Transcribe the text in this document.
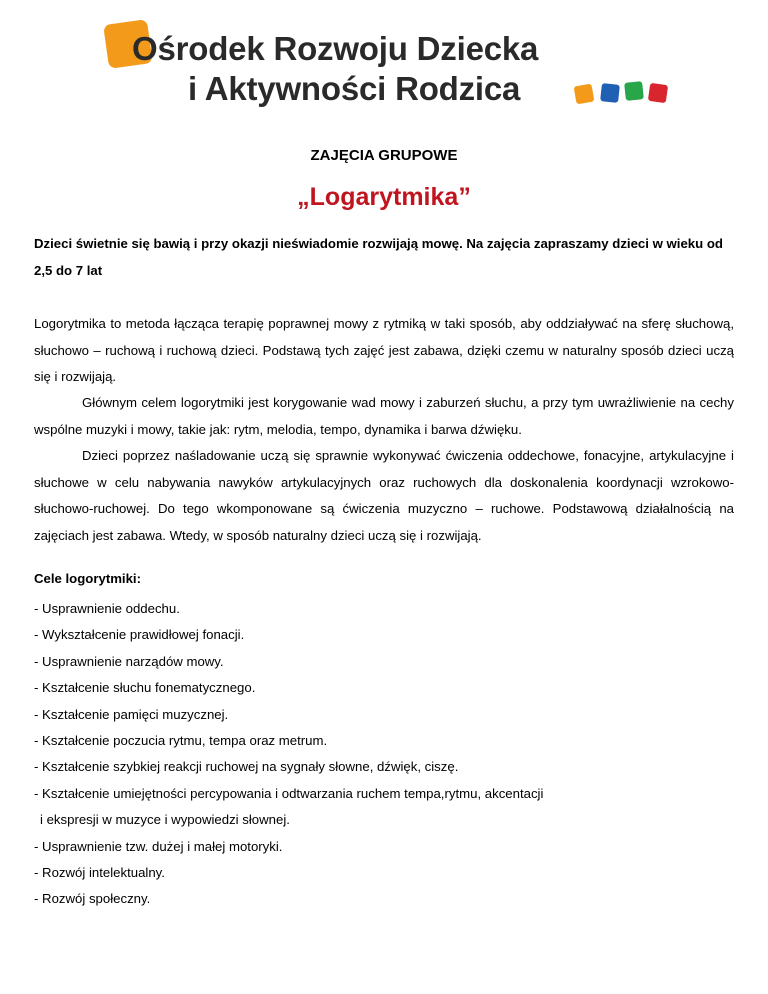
Ośrodek Rozwoju Dziecka
i Aktywności Rodzica
ZAJĘCIA GRUPOWE
„Logarytmika”
Dzieci świetnie się bawią i przy okazji nieświadomie rozwijają mowę. Na zajęcia zapraszamy dzieci w wieku od 2,5 do 7 lat
Logorytmika to metoda łącząca terapię poprawnej mowy z rytmiką w taki sposób, aby oddziaływać na sferę słuchową, słuchowo – ruchową i ruchową dzieci. Podstawą tych zajęć jest zabawa, dzięki czemu w naturalny sposób dzieci uczą się i rozwijają.
Głównym celem logorytmiki jest korygowanie wad mowy i zaburzeń słuchu, a przy tym uwrażliwienie na cechy wspólne muzyki i mowy, takie jak: rytm, melodia, tempo, dynamika i barwa dźwięku.
Dzieci poprzez naśladowanie uczą się sprawnie wykonywać ćwiczenia oddechowe, fonacyjne, artykulacyjne i słuchowe w celu nabywania nawyków artykulacyjnych oraz ruchowych dla doskonalenia koordynacji wzrokowo-słuchowo-ruchowej. Do tego wkomponowane są ćwiczenia muzyczno – ruchowe. Podstawową działalnością na zajęciach jest zabawa. Wtedy, w sposób naturalny dzieci uczą się i rozwijają.
Cele logorytmiki:
- Usprawnienie oddechu.
- Wykształcenie prawidłowej fonacji.
- Usprawnienie narządów mowy.
- Kształcenie słuchu fonematycznego.
- Kształcenie pamięci muzycznej.
- Kształcenie poczucia rytmu, tempa oraz metrum.
- Kształcenie szybkiej reakcji ruchowej na sygnały słowne, dźwięk, ciszę.
- Kształcenie umiejętności percypowania i odtwarzania ruchem tempa,rytmu, akcentacji
i ekspresji w muzyce i wypowiedzi słownej.
- Usprawnienie tzw. dużej i małej motoryki.
- Rozwój intelektualny.
- Rozwój społeczny.
